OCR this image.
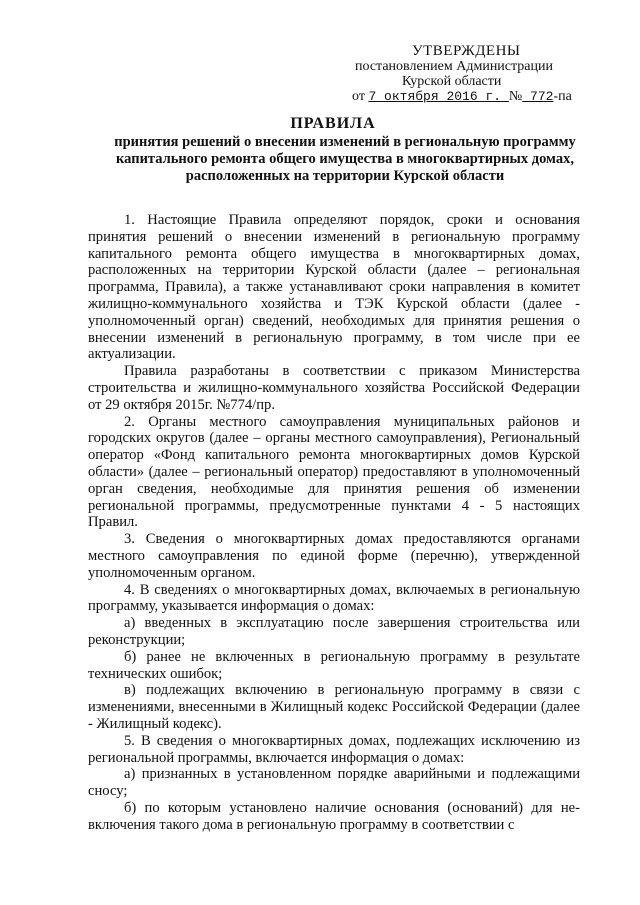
УТВЕРЖДЕНЫ
постановлением Администрации
Курской области
от 7 октября 2016 г. № 772-па
ПРАВИЛА
принятия решений о внесении изменений в региональную программу капитального ремонта общего имущества в многоквартирных домах, расположенных на территории Курской области

1. Настоящие Правила определяют порядок, сроки и основания принятия решений о внесении изменений в региональную программу капитального ремонта общего имущества в многоквартирных домах, расположенных на территории Курской области (далее – региональная программа, Правила), а также устанавливают сроки направления в комитет жилищно-коммунального хозяйства и ТЭК Курской области (далее - уполномоченный орган) сведений, необходимых для принятия решения о внесении изменений в региональную программу, в том числе при ее актуализации.

Правила разработаны в соответствии с приказом Министерства строительства и жилищно-коммунального хозяйства Российской Федерации от 29 октября 2015г. №774/пр.

2. Органы местного самоуправления муниципальных районов и городских округов (далее – органы местного самоуправления), Региональный оператор «Фонд капитального ремонта многоквартирных домов Курской области» (далее – региональный оператор) предоставляют в уполномоченный орган сведения, необходимые для принятия решения об изменении региональной программы, предусмотренные пунктами 4 - 5 настоящих Правил.

3. Сведения о многоквартирных домах предоставляются органами местного самоуправления по единой форме (перечню), утвержденной уполномоченным органом.

4. В сведениях о многоквартирных домах, включаемых в региональную программу, указывается информация о домах:

а) введенных в эксплуатацию после завершения строительства или реконструкции;

б) ранее не включенных в региональную программу в результате технических ошибок;

в) подлежащих включению в региональную программу в связи с изменениями, внесенными в Жилищный кодекс Российской Федерации (далее - Жилищный кодекс).

5. В сведения о многоквартирных домах, подлежащих исключению из региональной программы, включается информация о домах:

а) признанных в установленном порядке аварийными и подлежащими сносу;

б) по которым установлено наличие основания (оснований) для не-включения такого дома в региональную программу в соответствии с
